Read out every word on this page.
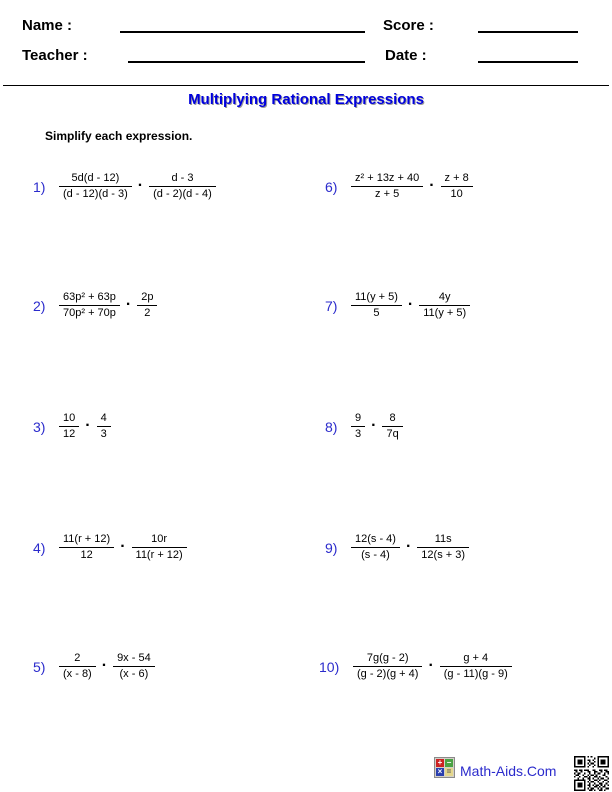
Name :	Score :
Teacher :	Date :
Multiplying Rational Expressions
Simplify each expression.
$1) \frac{5d(d - 12)}{(d - 12)(d - 3)} \cdot \frac{d - 3}{(d - 2)(d - 4)}$
$2) \frac{\text{63p² + 63p}}{\text{70p² + 70p}} \cdot \frac{2p}{2}$
$3) \frac{10}{12} \cdot \frac{4}{3}$
$4) \frac{11(r + 12)}{12} \cdot \frac{10r}{11(r + 12)}$
$5) \frac{2}{(x - 8)} \cdot \frac{9x - 54}{(x - 6)}$
$6) \frac{\text{z² + 13z + 40}}{z + 5} \cdot \frac{z + 8}{10}$
$7) \frac{11(y + 5)}{5} \cdot \frac{4y}{11(y + 5)}$
$8) \frac{9}{3} \cdot \frac{8}{7q}$
$9) \frac{12(s - 4)}{(s - 4)} \cdot \frac{11s}{12(s + 3)}$
$10) \frac{7g(g - 2)}{(g - 2)(g + 4)} \cdot \frac{g + 4}{(g - 11)(g - 9)}$
+ −
× = Math-Aids.Com
